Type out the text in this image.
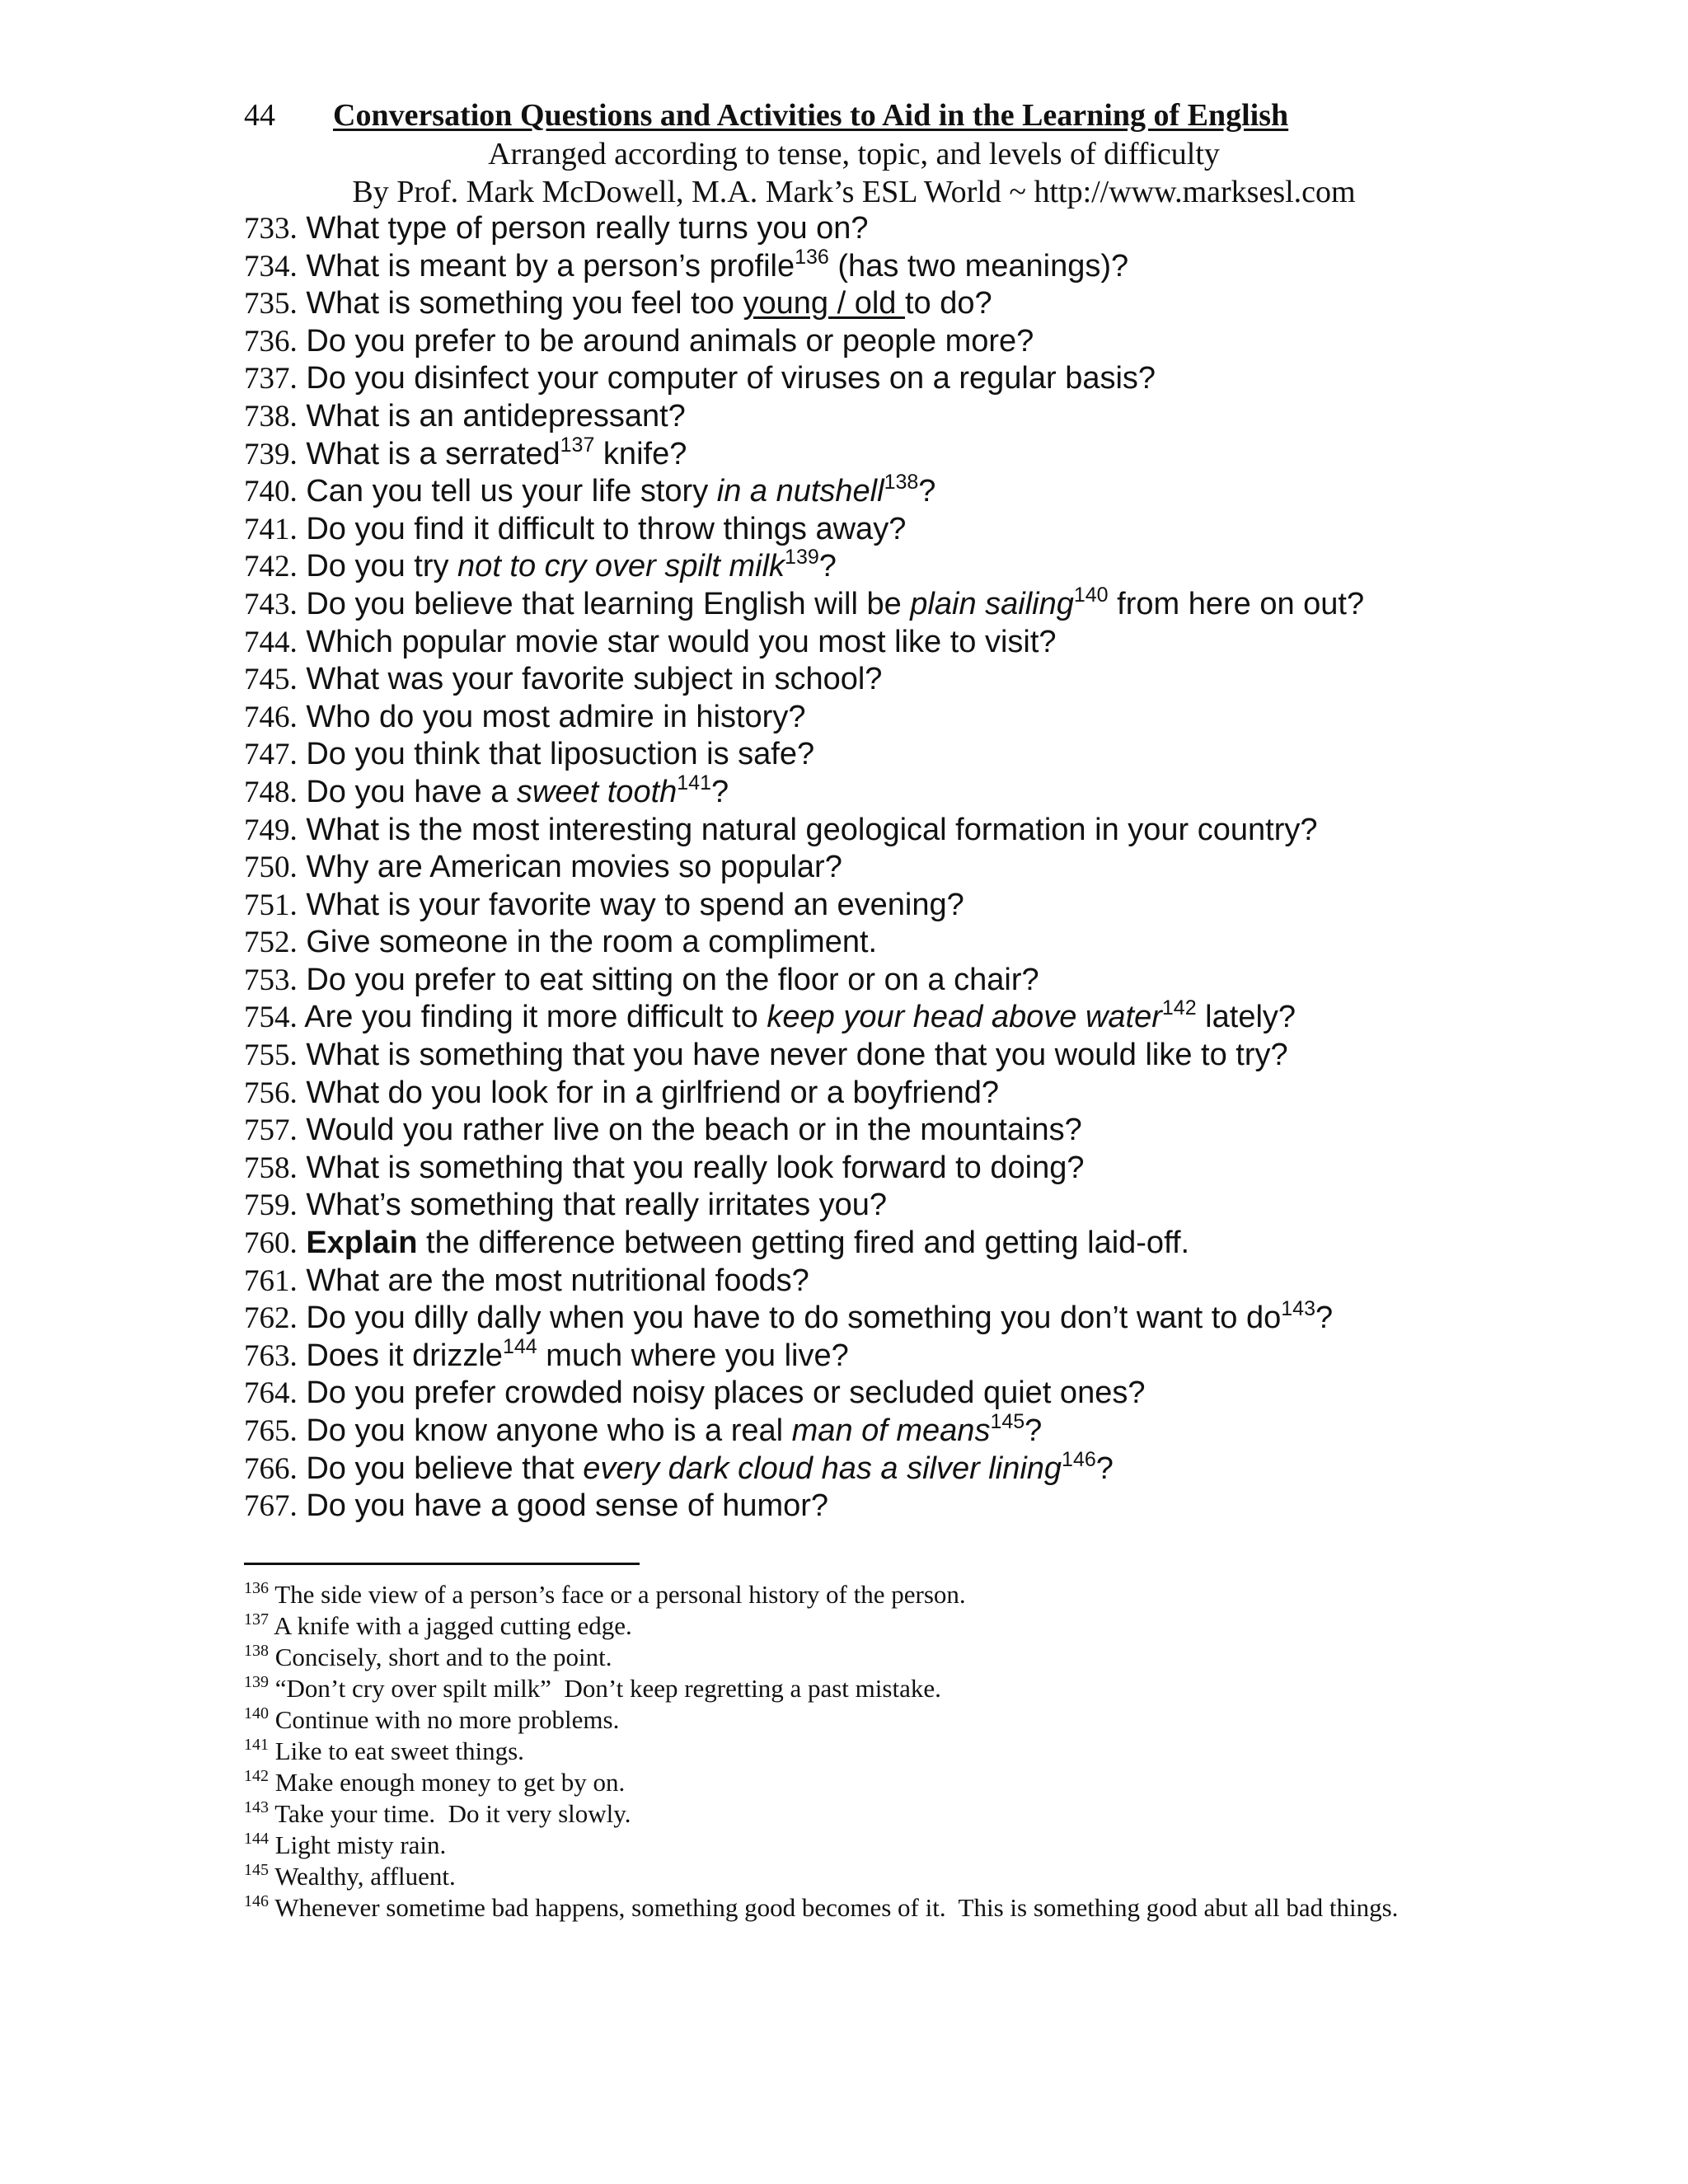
44 Conversation Questions and Activities to Aid in the Learning of English
Arranged according to tense, topic, and levels of difficulty
By Prof. Mark McDowell, M.A. Mark’s ESL World ~ http://www.marksesl.com
733. What type of person really turns you on?
734. What is meant by a person’s profile$^{136}$ (has two meanings)?
735. What is something you feel too young / old to do?
736. Do you prefer to be around animals or people more?
737. Do you disinfect your computer of viruses on a regular basis?
738. What is an antidepressant?
739. What is a serrated$^{137}$ knife?
740. Can you tell us your life story in a nutshell$^{138}$?
741. Do you find it difficult to throw things away?
742. Do you try not to cry over spilt milk$^{139}$?
743. Do you believe that learning English will be plain sailing$^{140}$ from here on out?
744. Which popular movie star would you most like to visit?
745. What was your favorite subject in school?
746. Who do you most admire in history?
747. Do you think that liposuction is safe?
748. Do you have a sweet tooth$^{141}$?
749. What is the most interesting natural geological formation in your country?
750. Why are American movies so popular?
751. What is your favorite way to spend an evening?
752. Give someone in the room a compliment.
753. Do you prefer to eat sitting on the floor or on a chair?
754. Are you finding it more difficult to keep your head above water$^{142}$ lately?
755. What is something that you have never done that you would like to try?
756. What do you look for in a girlfriend or a boyfriend?
757. Would you rather live on the beach or in the mountains?
758. What is something that you really look forward to doing?
759. What’s something that really irritates you?
760. Explain the difference between getting fired and getting laid-off.
761. What are the most nutritional foods?
762. Do you dilly dally when you have to do something you don’t want to $do^{143}$?
763. Does it drizzle$^{144}$ much where you live?
764. Do you prefer crowded noisy places or secluded quiet ones?
765. Do you know anyone who is a real man of means$^{145}$?
766. Do you believe that every dark cloud has a silver lining$^{146}$?
767. Do you have a good sense of humor?
$^{136}$ The side view of a person’s face or a personal history of the person.
$^{137}$ A knife with a jagged cutting edge.
$^{138}$ Concisely, short and to the point.
$^{139}$ “Don’t cry over spilt milk”  Don’t keep regretting a past mistake.
$^{140}$ Continue with no more problems.
$^{141}$ Like to eat sweet things.
$^{142}$ Make enough money to get by on.
$^{143}$ Take your time.  Do it very slowly.
$^{144}$ Light misty rain.
$^{145}$ Wealthy, affluent.
$^{146}$ Whenever sometime bad happens, something good becomes of it.  This is something good abut all bad things.
